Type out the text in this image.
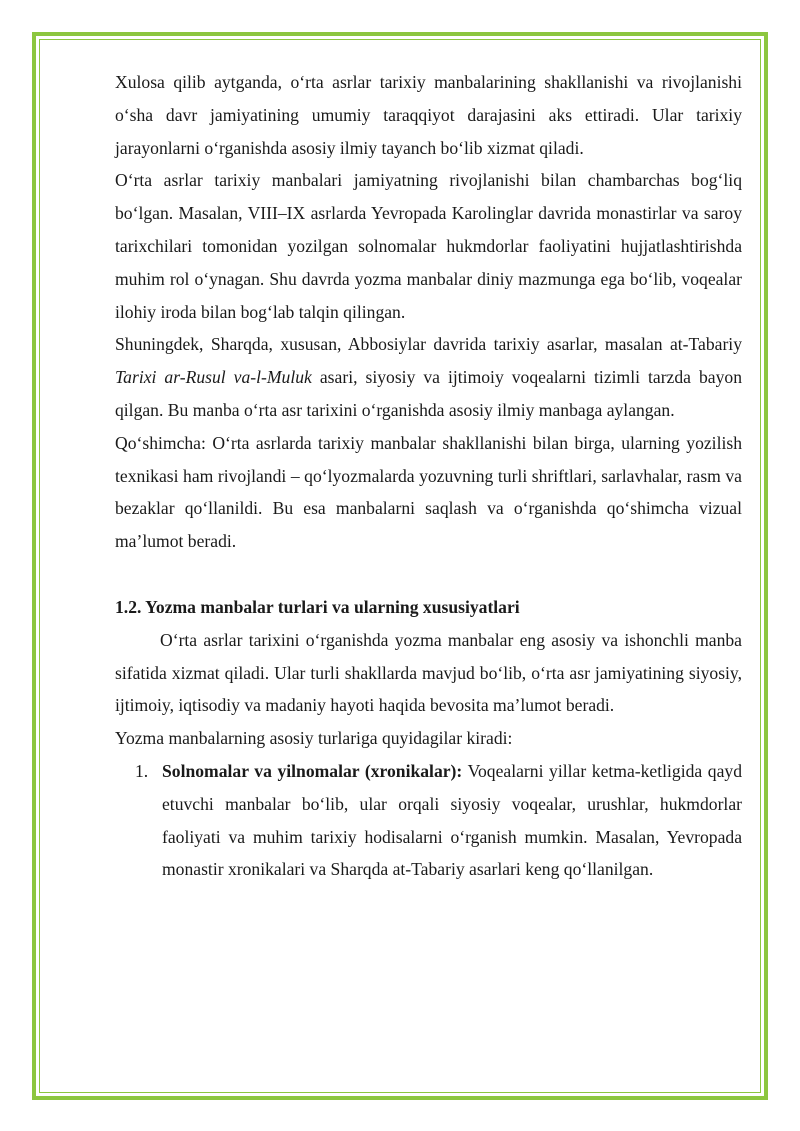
Xulosa qilib aytganda, o‘rta asrlar tarixiy manbalarining shakllanishi va rivojlanishi o‘sha davr jamiyatining umumiy taraqqiyot darajasini aks ettiradi. Ular tarixiy jarayonlarni o‘rganishda asosiy ilmiy tayanch bo‘lib xizmat qiladi.

O‘rta asrlar tarixiy manbalari jamiyatning rivojlanishi bilan chambarchas bog‘liq bo‘lgan. Masalan, VIII–IX asrlarda Yevropada Karolinglar davrida monastirlar va saroy tarixchilari tomonidan yozilgan solnomalar hukmdorlar faoliyatini hujjatlashtirishda muhim rol o‘ynagan. Shu davrda yozma manbalar diniy mazmunga ega bo‘lib, voqealar ilohiy iroda bilan bog‘lab talqin qilingan.

Shuningdek, Sharqda, xususan, Abbosiylar davrida tarixiy asarlar, masalan at-Tabariy Tarixi ar-Rusul va-l-Muluk asari, siyosiy va ijtimoiy voqealarni tizimli tarzda bayon qilgan. Bu manba o‘rta asr tarixini o‘rganishda asosiy ilmiy manbaga aylangan.

Qo‘shimcha: O‘rta asrlarda tarixiy manbalar shakllanishi bilan birga, ularning yozilish texnikasi ham rivojlandi – qo‘lyozmalarda yozuvning turli shriftlari, sarlavhalar, rasm va bezaklar qo‘llanildi. Bu esa manbalarni saqlash va o‘rganishda qo‘shimcha vizual ma’lumot beradi.

1.2. Yozma manbalar turlari va ularning xususiyatlari

O‘rta asrlar tarixini o‘rganishda yozma manbalar eng asosiy va ishonchli manba sifatida xizmat qiladi. Ular turli shakllarda mavjud bo‘lib, o‘rta asr jamiyatining siyosiy, ijtimoiy, iqtisodiy va madaniy hayoti haqida bevosita ma’lumot beradi.

Yozma manbalarning asosiy turlariga quyidagilar kiradi:

1. Solnomalar va yilnomalar (xronikalar): Voqealarni yillar ketma-ketligida qayd etuvchi manbalar bo‘lib, ular orqali siyosiy voqealar, urushlar, hukmdorlar faoliyati va muhim tarixiy hodisalarni o‘rganish mumkin. Masalan, Yevropada monastir xronikalari va Sharqda at-Tabariy asarlari keng qo‘llanilgan.
